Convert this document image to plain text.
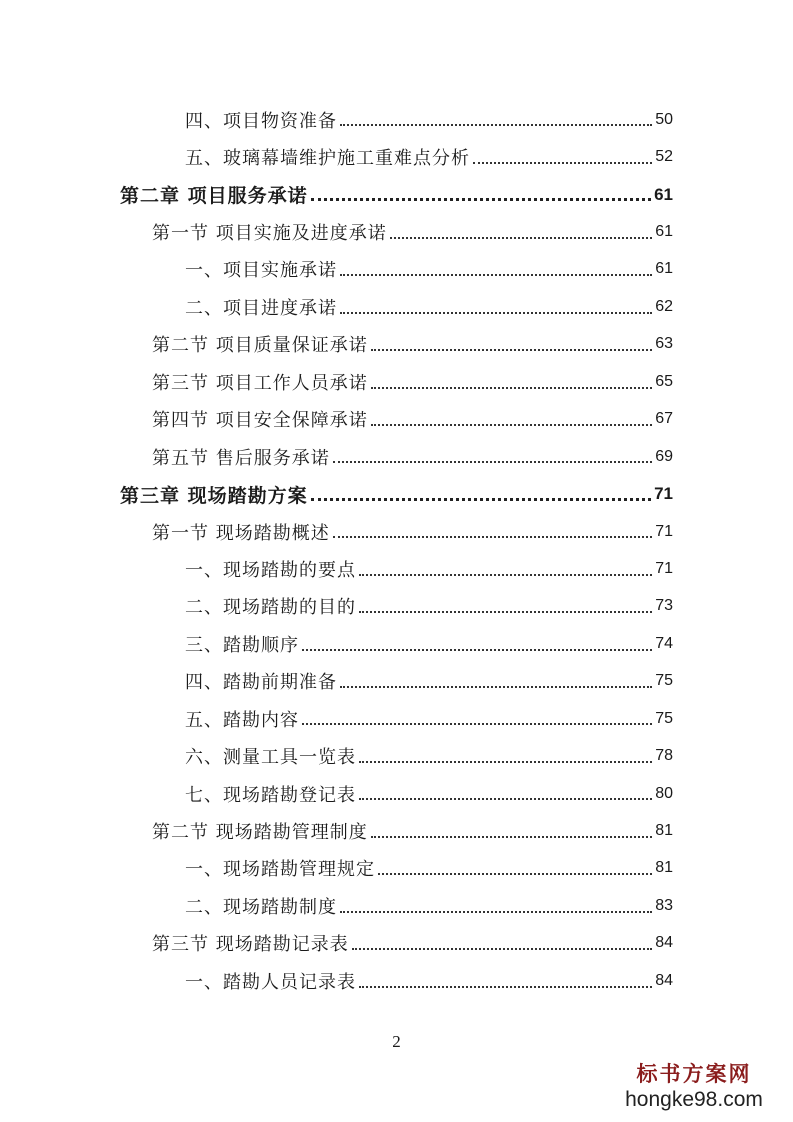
四、项目物资准备	50
五、玻璃幕墙维护施工重难点分析	52
第二章 项目服务承诺	61
第一节 项目实施及进度承诺	61
一、项目实施承诺	61
二、项目进度承诺	62
第二节 项目质量保证承诺	63
第三节 项目工作人员承诺	65
第四节 项目安全保障承诺	67
第五节 售后服务承诺	69
第三章 现场踏勘方案	71
第一节 现场踏勘概述	71
一、现场踏勘的要点	71
二、现场踏勘的目的	73
三、踏勘顺序	74
四、踏勘前期准备	75
五、踏勘内容	75
六、测量工具一览表	78
七、现场踏勘登记表	80
第二节 现场踏勘管理制度	81
一、现场踏勘管理规定	81
二、现场踏勘制度	83
第三节 现场踏勘记录表	84
一、踏勘人员记录表	84
2
标书方案网
hongke98.com
